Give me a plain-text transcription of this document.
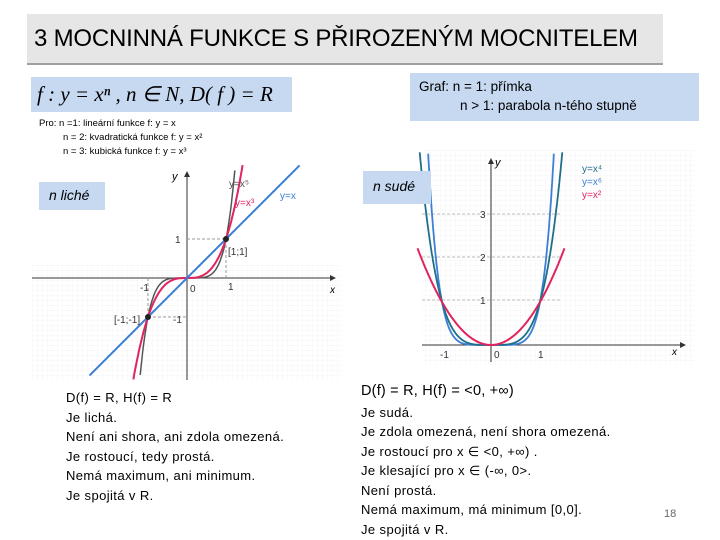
3 MOCNINNÁ FUNKCE S PŘIROZENÝM MOCNITELEM
f : y = xⁿ , n ∈ N, D( f ) = R	Graf: n = 1: přímka
n > 1: parabola n-tého stupně
Pro: n =1: lineární funkce f: y = x
n = 2: kvadratická funkce f: y = x²
n = 3: kubická funkce f: y = x³
y
x
y=x⁵
y=x
y=x³
[1;1]
[-1;-1]
1
0
-1
1
-1
y
x
y=x⁴
y=x⁶
y=x²
1
2
3
1
-1	0
n liché
n sudé
D(f) = R, H(f) = R
Je lichá.
Není ani shora, ani zdola omezená.
Je rostoucí, tedy prostá.
Nemá maximum, ani minimum.
Je spojitá v R.
D(f) = R, H(f) = <0, +∞)
Je sudá.
Je zdola omezená, není shora omezená.
Je rostoucí pro x ∈ <0, +∞) .
Je klesající pro x ∈ (-∞, 0>.
Není prostá.
Nemá maximum, má minimum [0,0].
Je spojitá v R.
18
